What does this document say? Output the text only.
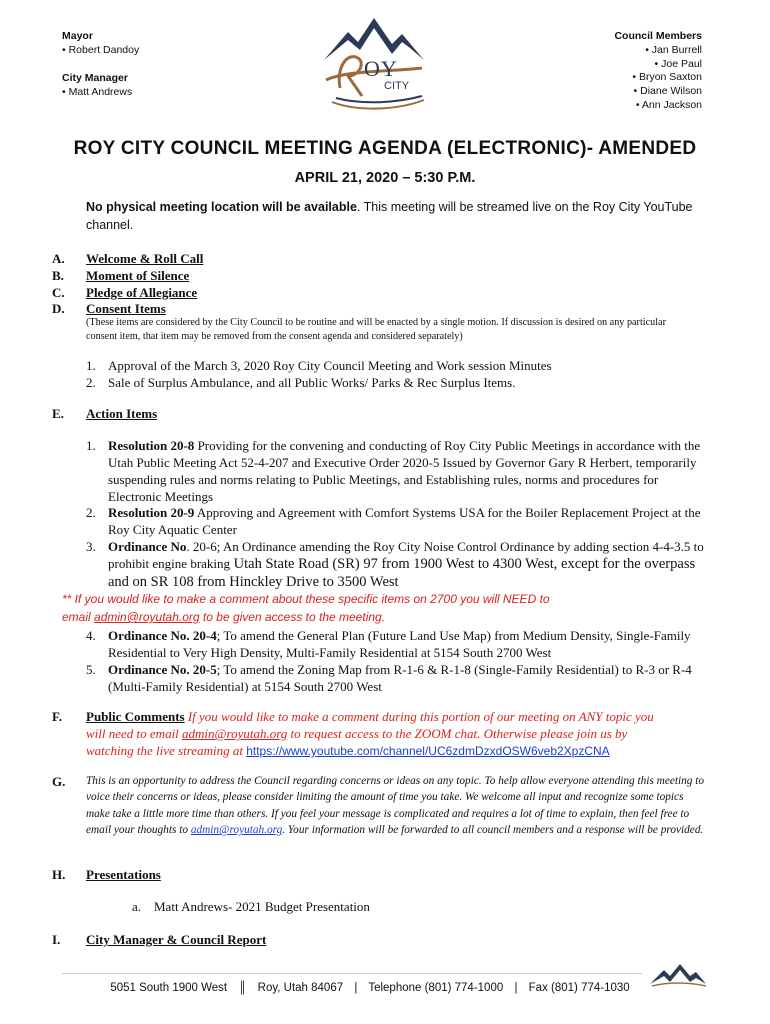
Mayor
• Robert Dandoy
City Manager
• Matt Andrews
OY
CITY
Council Members
• Jan Burrell
• Joe Paul
• Bryon Saxton
• Diane Wilson
• Ann Jackson
ROY CITY COUNCIL MEETING AGENDA (ELECTRONIC)- AMENDED
APRIL 21, 2020 – 5:30 P.M.
No physical meeting location will be available. This meeting will be streamed live on the Roy City YouTube channel.
A. Welcome & Roll Call
B. Moment of Silence
C. Pledge of Allegiance
D. Consent Items
(These items are considered by the City Council to be routine and will be enacted by a single motion. If discussion is desired on any particular consent item, that item may be removed from the consent agenda and considered separately)
1. Approval of the March 3, 2020 Roy City Council Meeting and Work session Minutes
2. Sale of Surplus Ambulance, and all Public Works/ Parks & Rec Surplus Items.
E. Action Items
1. Resolution 20-8 Providing for the convening and conducting of Roy City Public Meetings in accordance with the Utah Public Meeting Act 52-4-207 and Executive Order 2020-5 Issued by Governor Gary R Herbert, temporarily suspending rules and norms relating to Public Meetings, and Establishing rules, norms and procedures for Electronic Meetings
2. Resolution 20-9 Approving and Agreement with Comfort Systems USA for the Boiler Replacement Project at the Roy City Aquatic Center
3. Ordinance No. 20-6; An Ordinance amending the Roy City Noise Control Ordinance by adding section 4-4-3.5 to prohibit engine braking Utah State Road (SR) 97 from 1900 West to 4300 West, except for the overpass and on SR 108 from Hinckley Drive to 3500 West
** If you would like to make a comment about these specific items on 2700 you will NEED to
email admin@royutah.org to be given access to the meeting.
4. Ordinance No. 20-4; To amend the General Plan (Future Land Use Map) from Medium Density, Single-Family Residential to Very High Density, Multi-Family Residential at 5154 South 2700 West
5. Ordinance No. 20-5; To amend the Zoning Map from R-1-6 & R-1-8 (Single-Family Residential) to R-3 or R-4 (Multi-Family Residential) at 5154 South 2700 West
F. Public Comments If you would like to make a comment during this portion of our meeting on ANY topic you
will need to email admin@royutah.org to request access to the ZOOM chat. Otherwise please join us by
watching the live streaming at https://www.youtube.com/channel/UC6zdmDzxdOSW6veb2XpzCNA
G. This is an opportunity to address the Council regarding concerns or ideas on any topic. To help allow everyone attending this meeting to voice their concerns or ideas, please consider limiting the amount of time you take. We welcome all input and recognize some topics make take a little more time than others. If you feel your message is complicated and requires a lot of time to explain, then feel free to email your thoughts to admin@royutah.org. Your information will be forwarded to all council members and a response will be provided.
H. Presentations
a. Matt Andrews- 2021 Budget Presentation
I. City Manager & Council Report
5051 South 1900 West ║ Roy, Utah 84067 | Telephone (801) 774-1000 | Fax (801) 774-1030
